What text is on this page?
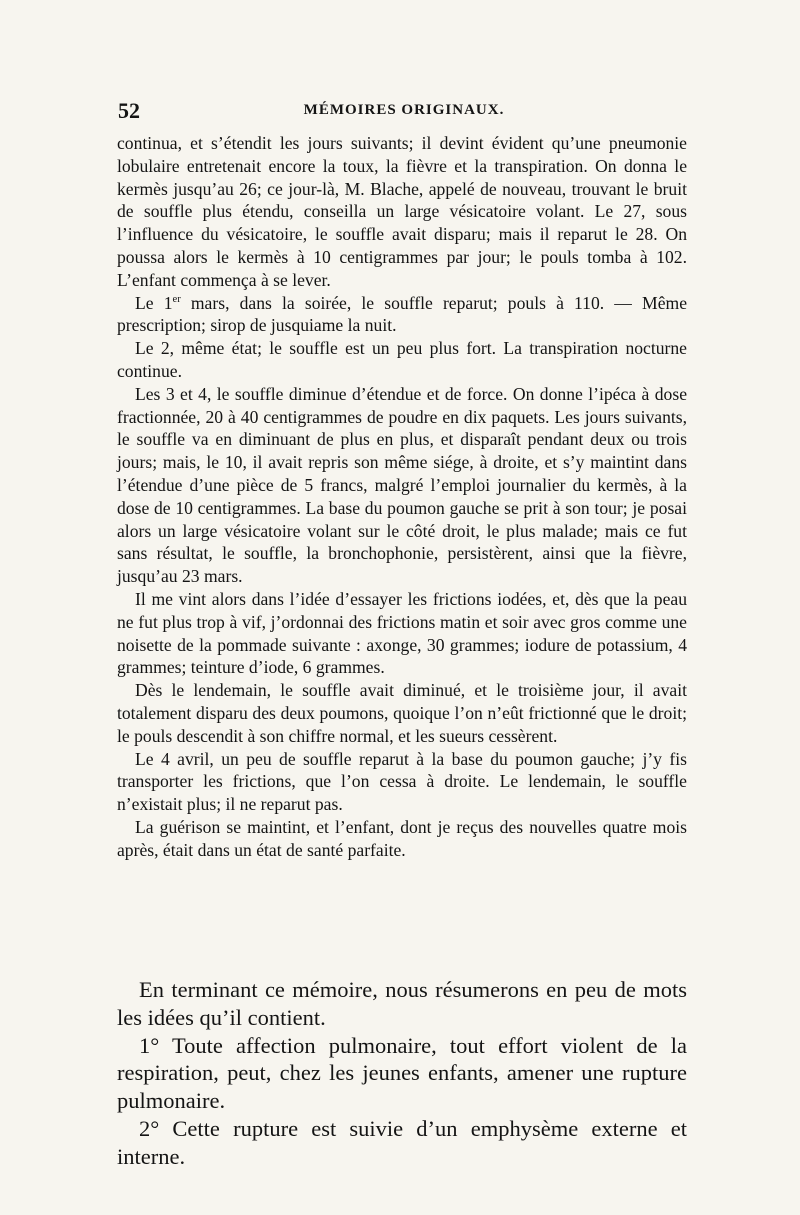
52	MÉMOIRES ORIGINAUX.

continua, et s’étendit les jours suivants; il devint évident qu’une pneumonie lobulaire entretenait encore la toux, la fièvre et la transpiration. On donna le kermès jusqu’au 26; ce jour-là, M. Blache, appelé de nouveau, trouvant le bruit de souffle plus étendu, conseilla un large vésicatoire volant. Le 27, sous l’influence du vésicatoire, le souffle avait disparu; mais il reparut le 28. On poussa alors le kermès à 10 centigrammes par jour; le pouls tomba à 102. L’enfant commença à se lever.

Le 1er mars, dans la soirée, le souffle reparut; pouls à 110. — Même prescription; sirop de jusquiame la nuit.

Le 2, même état; le souffle est un peu plus fort. La transpiration nocturne continue.

Les 3 et 4, le souffle diminue d’étendue et de force. On donne l’ipéca à dose fractionnée, 20 à 40 centigrammes de poudre en dix paquets. Les jours suivants, le souffle va en diminuant de plus en plus, et disparaît pendant deux ou trois jours; mais, le 10, il avait repris son même siége, à droite, et s’y maintint dans l’étendue d’une pièce de 5 francs, malgré l’emploi journalier du kermès, à la dose de 10 centigrammes. La base du poumon gauche se prit à son tour; je posai alors un large vésicatoire volant sur le côté droit, le plus malade; mais ce fut sans résultat, le souffle, la bronchophonie, persistèrent, ainsi que la fièvre, jusqu’au 23 mars.

Il me vint alors dans l’idée d’essayer les frictions iodées, et, dès que la peau ne fut plus trop à vif, j’ordonnai des frictions matin et soir avec gros comme une noisette de la pommade suivante : axonge, 30 grammes; iodure de potassium, 4 grammes; teinture d’iode, 6 grammes.

Dès le lendemain, le souffle avait diminué, et le troisième jour, il avait totalement disparu des deux poumons, quoique l’on n’eût frictionné que le droit; le pouls descendit à son chiffre normal, et les sueurs cessèrent.

Le 4 avril, un peu de souffle reparut à la base du poumon gauche; j’y fis transporter les frictions, que l’on cessa à droite. Le lendemain, le souffle n’existait plus; il ne reparut pas.

La guérison se maintint, et l’enfant, dont je reçus des nouvelles quatre mois après, était dans un état de santé parfaite.

En terminant ce mémoire, nous résumerons en peu de mots les idées qu’il contient.

1° Toute affection pulmonaire, tout effort violent de la respiration, peut, chez les jeunes enfants, amener une rupture pulmonaire.

2° Cette rupture est suivie d’un emphysème externe et interne.
